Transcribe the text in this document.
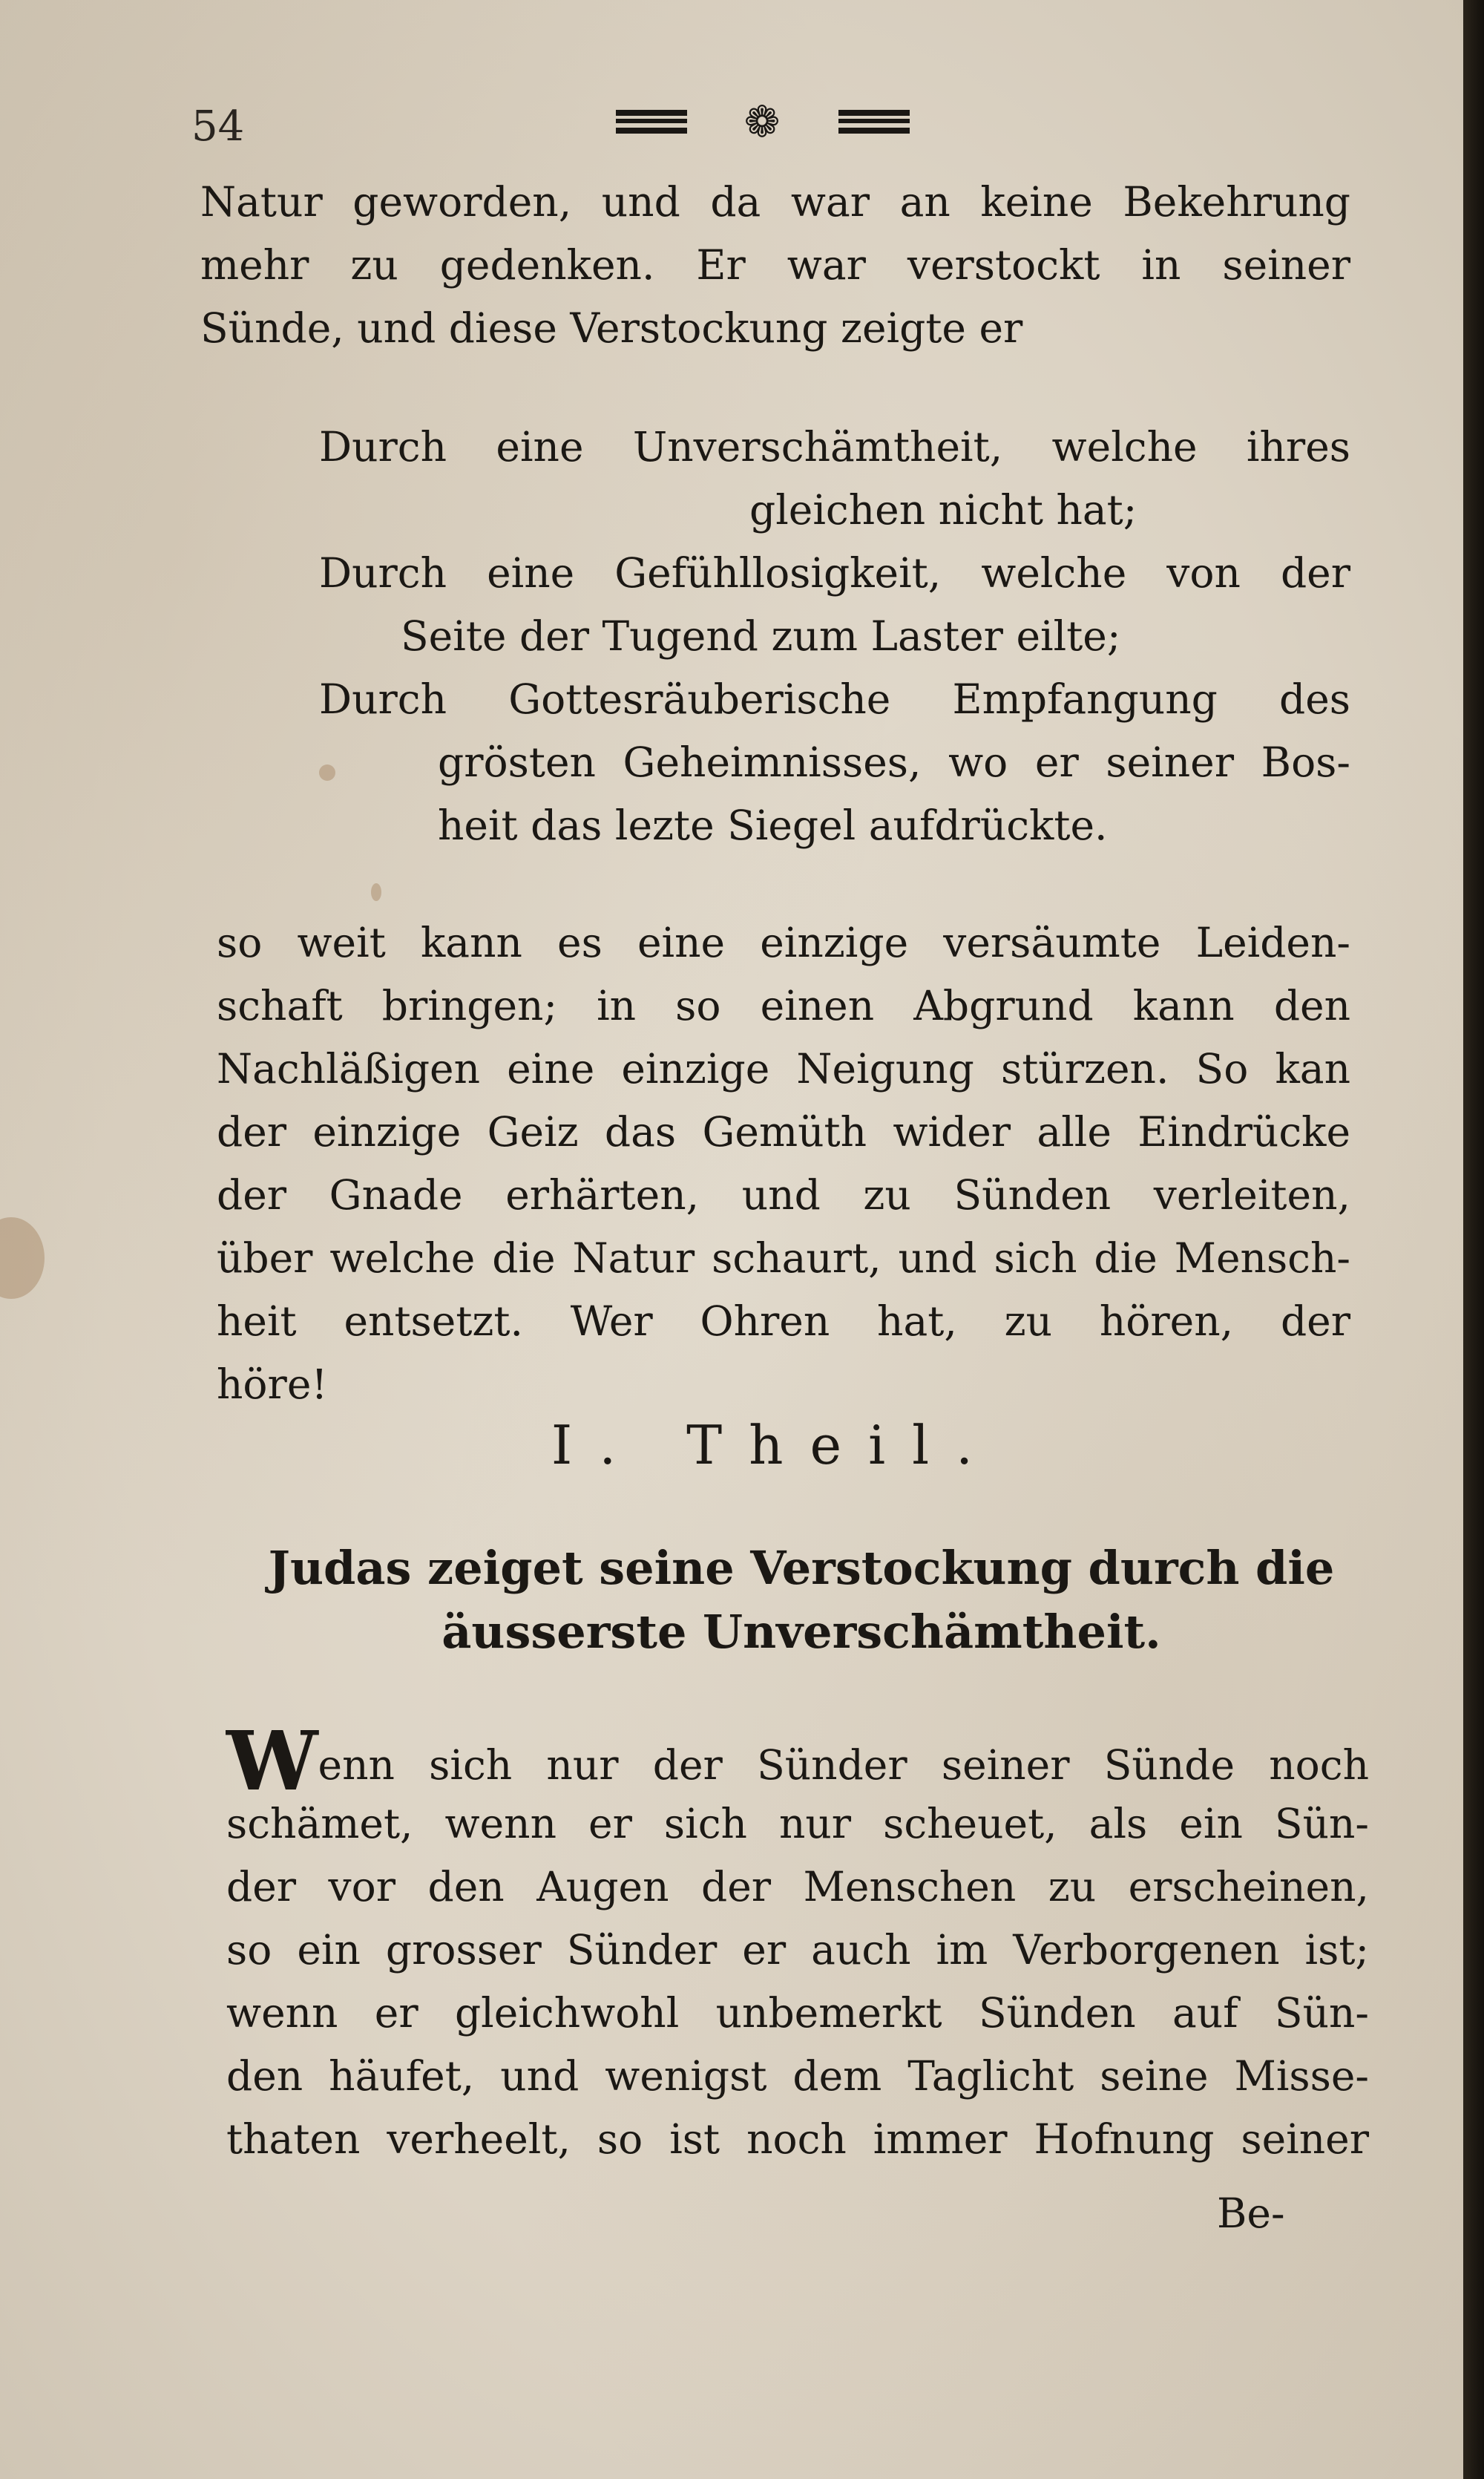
54	❁
Natur geworden, und da war an keine Bekehrung
mehr zu gedenken. Er war verstockt in seiner
Sünde, und diese Verstockung zeigte er
Durch eine Unverschämtheit, welche ihres
gleichen nicht hat;
Durch eine Gefühllosigkeit, welche von der
Seite der Tugend zum Laster eilte;
Durch Gottesräuberische Empfangung des
grösten Geheimnisses, wo er seiner Bos-
heit das lezte Siegel aufdrückte.
so weit kann es eine einzige versäumte Leiden-
schaft bringen; in so einen Abgrund kann den
Nachläßigen eine einzige Neigung stürzen. So kan
der einzige Geiz das Gemüth wider alle Eindrücke
der Gnade erhärten, und zu Sünden verleiten,
über welche die Natur schaurt, und sich die Mensch-
heit entsetzt. Wer Ohren hat, zu hören, der
höre!
I. Theil.
Judas zeiget seine Verstockung durch die
äusserste Unverschämtheit.
Wenn sich nur der Sünder seiner Sünde noch
schämet, wenn er sich nur scheuet, als ein Sün-
der vor den Augen der Menschen zu erscheinen,
so ein grosser Sünder er auch im Verborgenen ist;
wenn er gleichwohl unbemerkt Sünden auf Sün-
den häufet, und wenigst dem Taglicht seine Misse-
thaten verheelt, so ist noch immer Hofnung seiner
Be-
